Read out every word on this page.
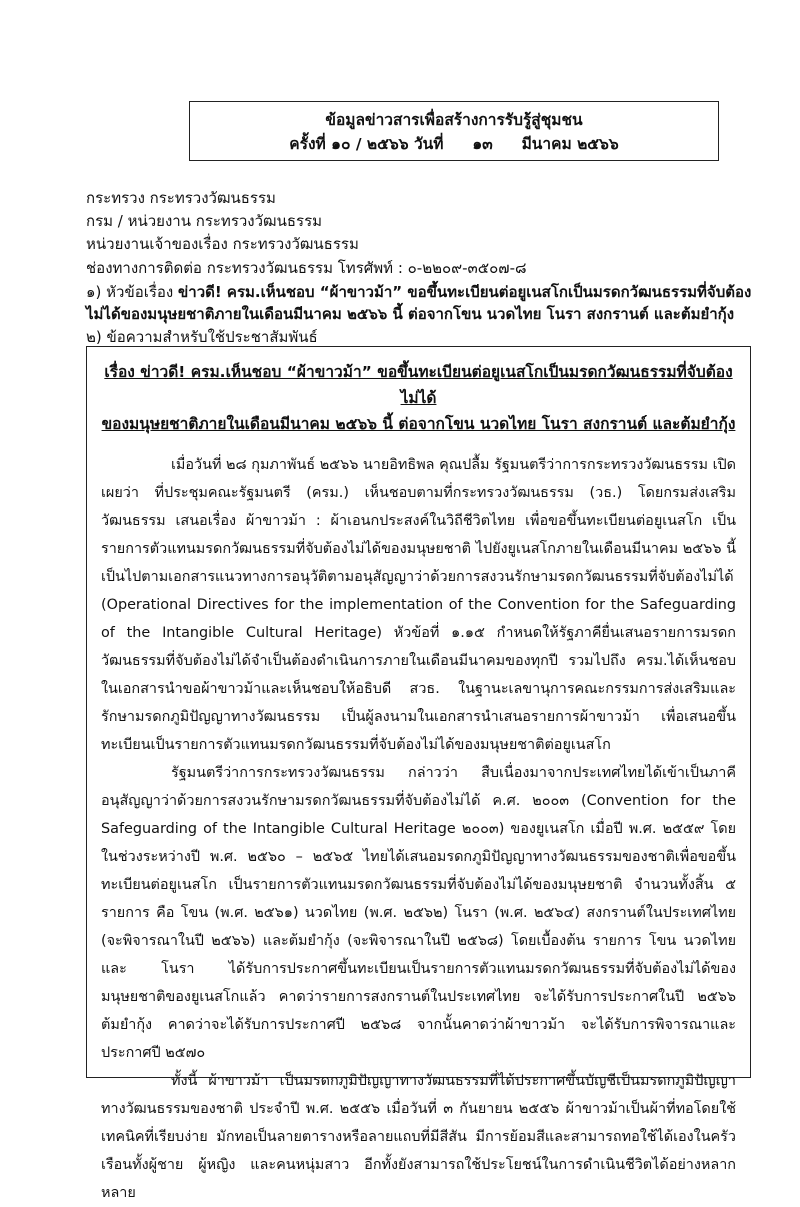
ข้อมูลข่าวสารเพื่อสร้างการรับรู้สู่ชุมชน
ครั้งที่ ๑๐ / ๒๕๖๖ วันที่ ๑๓ มีนาคม ๒๕๖๖
กระทรวง กระทรวงวัฒนธรรม
กรม / หน่วยงาน กระทรวงวัฒนธรรม
หน่วยงานเจ้าของเรื่อง กระทรวงวัฒนธรรม
ช่องทางการติดต่อ กระทรวงวัฒนธรรม โทรศัพท์ : ๐-๒๒๐๙-๓๕๐๗-๘
๑) หัวข้อเรื่อง ข่าวดี! ครม.เห็นชอบ “ผ้าขาวม้า” ขอขึ้นทะเบียนต่อยูเนสโกเป็นมรดกวัฒนธรรมที่จับต้องไม่ได้ของมนุษยชาติภายในเดือนมีนาคม ๒๕๖๖ นี้ ต่อจากโขน นวดไทย โนรา สงกรานต์ และต้มยำกุ้ง
๒) ข้อความสำหรับใช้ประชาสัมพันธ์
เรื่อง ข่าวดี! ครม.เห็นชอบ “ผ้าขาวม้า” ขอขึ้นทะเบียนต่อยูเนสโกเป็นมรดกวัฒนธรรมที่จับต้องไม่ได้
ของมนุษยชาติภายในเดือนมีนาคม ๒๕๖๖ นี้ ต่อจากโขน นวดไทย โนรา สงกรานต์ และต้มยำกุ้ง

เมื่อวันที่ ๒๘ กุมภาพันธ์ ๒๕๖๖ นายอิทธิพล คุณปลื้ม รัฐมนตรีว่าการกระทรวงวัฒนธรรม เปิดเผยว่า ที่ประชุมคณะรัฐมนตรี (ครม.) เห็นชอบตามที่กระทรวงวัฒนธรรม (วธ.) โดยกรมส่งเสริมวัฒนธรรม เสนอเรื่อง ผ้าขาวม้า : ผ้าเอนกประสงค์ในวิถีชีวิตไทย เพื่อขอขึ้นทะเบียนต่อยูเนสโก เป็นรายการตัวแทนมรดกวัฒนธรรมที่จับต้องไม่ได้ของมนุษยชาติ ไปยังยูเนสโกภายในเดือนมีนาคม ๒๕๖๖ นี้ เป็นไปตามเอกสารแนวทางการอนุวัติตามอนุสัญญาว่าด้วยการสงวนรักษามรดกวัฒนธรรมที่จับต้องไม่ได้ (Operational Directives for the implementation of the Convention for the Safeguarding of the Intangible Cultural Heritage) หัวข้อที่ ๑.๑๕ กำหนดให้รัฐภาคียื่นเสนอรายการมรดกวัฒนธรรมที่จับต้องไม่ได้จำเป็นต้องดำเนินการภายในเดือนมีนาคมของทุกปี รวมไปถึง ครม.ได้เห็นชอบในเอกสารนำขอผ้าขาวม้าและเห็นชอบให้อธิบดี สวธ. ในฐานะเลขานุการคณะกรรมการส่งเสริมและรักษามรดกภูมิปัญญาทางวัฒนธรรม เป็นผู้ลงนามในเอกสารนำเสนอรายการผ้าขาวม้า เพื่อเสนอขึ้นทะเบียนเป็นรายการตัวแทนมรดกวัฒนธรรมที่จับต้องไม่ได้ของมนุษยชาติต่อยูเนสโก

รัฐมนตรีว่าการกระทรวงวัฒนธรรม กล่าวว่า สืบเนื่องมาจากประเทศไทยได้เข้าเป็นภาคีอนุสัญญาว่าด้วยการสงวนรักษามรดกวัฒนธรรมที่จับต้องไม่ได้ ค.ศ. ๒๐๐๓ (Convention for the Safeguarding of the Intangible Cultural Heritage ๒๐๐๓) ของยูเนสโก เมื่อปี พ.ศ. ๒๕๕๙ โดยในช่วงระหว่างปี พ.ศ. ๒๕๖๐ – ๒๕๖๕ ไทยได้เสนอมรดกภูมิปัญญาทางวัฒนธรรมของชาติเพื่อขอขึ้นทะเบียนต่อยูเนสโก เป็นรายการตัวแทนมรดกวัฒนธรรมที่จับต้องไม่ได้ของมนุษยชาติ จำนวนทั้งสิ้น ๕ รายการ คือ โขน (พ.ศ. ๒๕๖๑) นวดไทย (พ.ศ. ๒๕๖๒) โนรา (พ.ศ. ๒๕๖๔) สงกรานต์ในประเทศไทย (จะพิจารณาในปี ๒๕๖๖) และต้มยำกุ้ง (จะพิจารณาในปี ๒๕๖๘) โดยเบื้องต้น รายการ โขน นวดไทย และ โนรา ได้รับการประกาศขึ้นทะเบียนเป็นรายการตัวแทนมรดกวัฒนธรรมที่จับต้องไม่ได้ของมนุษยชาติของยูเนสโกแล้ว คาดว่ารายการสงกรานต์ในประเทศไทย จะได้รับการประกาศในปี ๒๕๖๖ ต้มยำกุ้ง คาดว่าจะได้รับการประกาศปี ๒๕๖๘ จากนั้นคาดว่าผ้าขาวม้า จะได้รับการพิจารณาและประกาศปี ๒๕๗๐

ทั้งนี้ ผ้าขาวม้า เป็นมรดกภูมิปัญญาทางวัฒนธรรมที่ได้ประกาศขึ้นบัญชีเป็นมรดกภูมิปัญญาทางวัฒนธรรมของชาติ ประจำปี พ.ศ. ๒๕๕๖ เมื่อวันที่ ๓ กันยายน ๒๕๕๖ ผ้าขาวม้าเป็นผ้าที่ทอโดยใช้เทคนิคที่เรียบง่าย มักทอเป็นลายตารางหรือลายแถบที่มีสีสัน มีการย้อมสีและสามารถทอใช้ได้เองในครัวเรือนทั้งผู้ชาย ผู้หญิง และคนหนุ่มสาว อีกทั้งยังสามารถใช้ประโยชน์ในการดำเนินชีวิตได้อย่างหลากหลาย
